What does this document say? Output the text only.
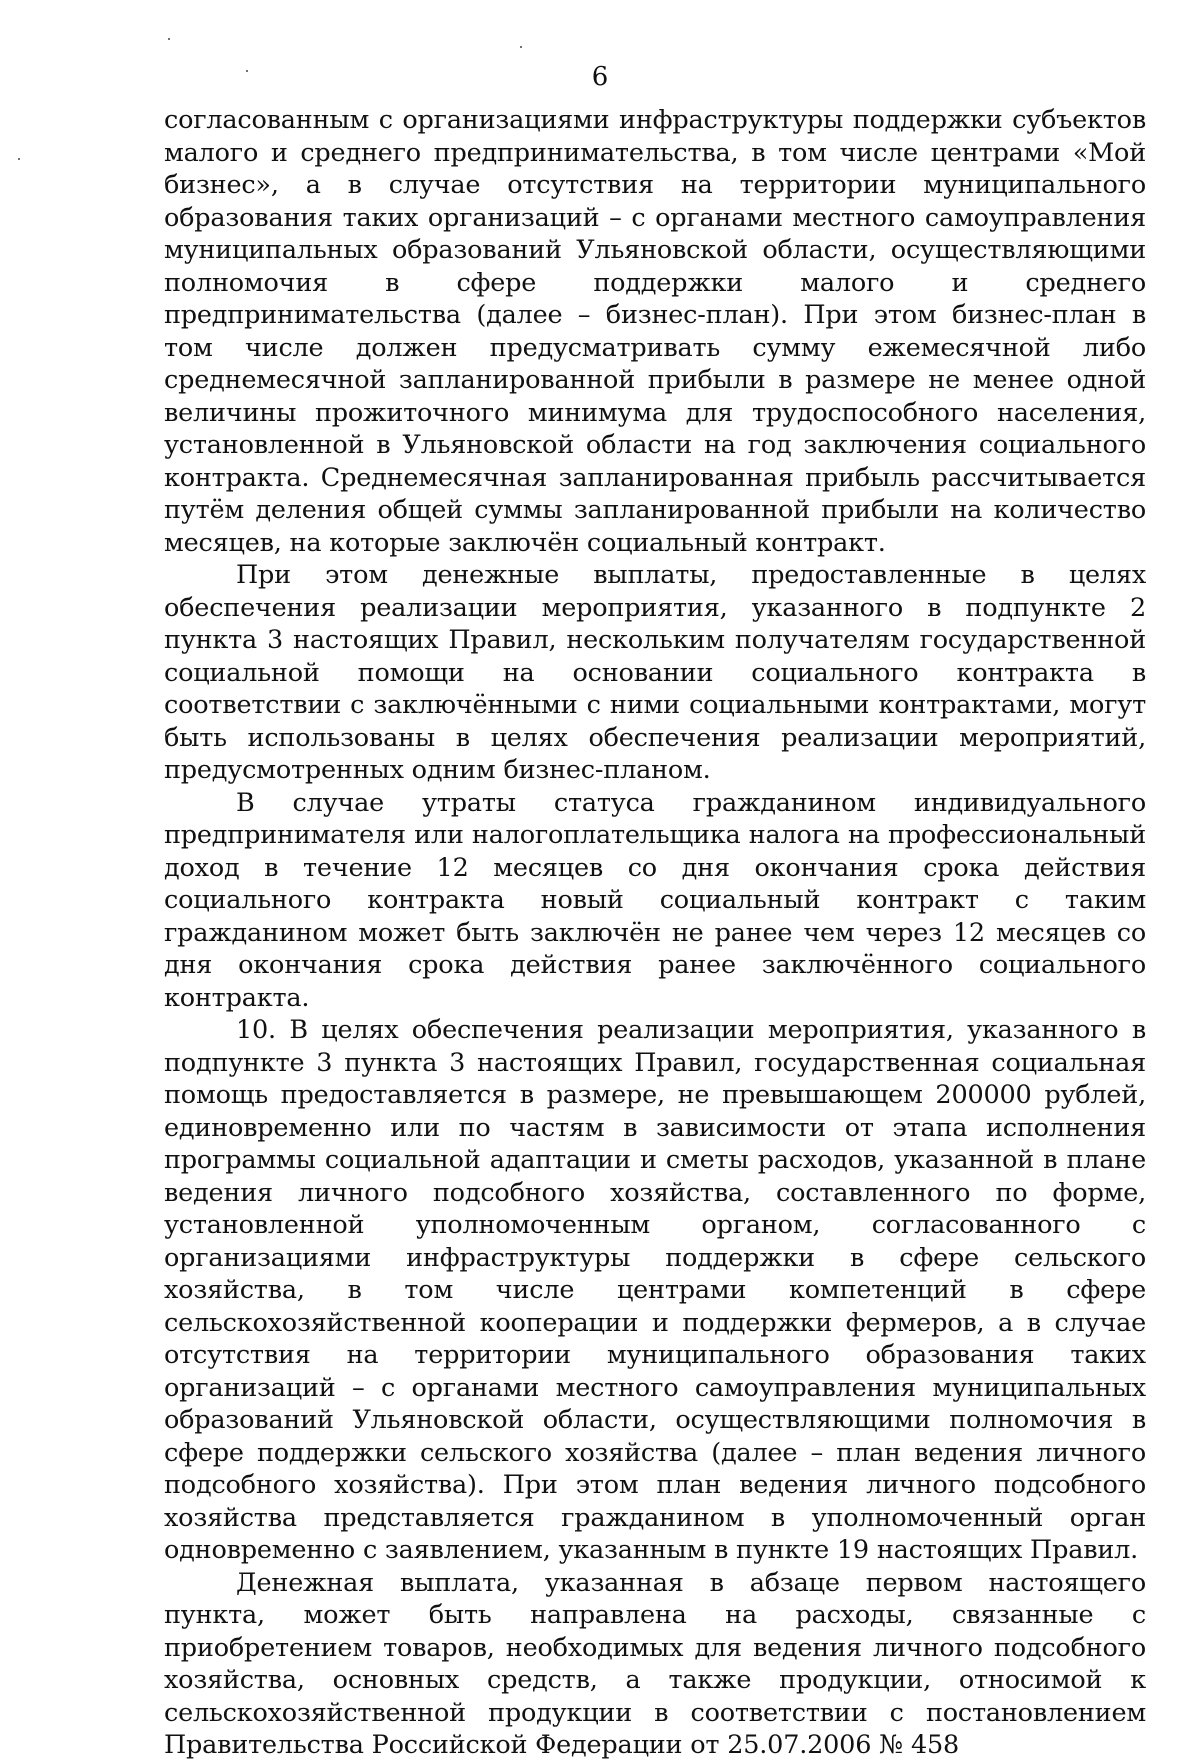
6

согласованным с организациями инфраструктуры поддержки субъектов малого и среднего предпринимательства, в том числе центрами «Мой бизнес», а в случае отсутствия на территории муниципального образования таких организаций – с органами местного самоуправления муниципальных образований Ульяновской области, осуществляющими полномочия в сфере поддержки малого и среднего предпринимательства (далее – бизнес-план). При этом бизнес-план в том числе должен предусматривать сумму ежемесячной либо среднемесячной запланированной прибыли в размере не менее одной величины прожиточного минимума для трудоспособного населения, установленной в Ульяновской области на год заключения социального контракта. Среднемесячная запланированная прибыль рассчитывается путём деления общей суммы запланированной прибыли на количество месяцев, на которые заключён социальный контракт.

При этом денежные выплаты, предоставленные в целях обеспечения реализации мероприятия, указанного в подпункте 2 пункта 3 настоящих Правил, нескольким получателям государственной социальной помощи на основании социального контракта в соответствии с заключёнными с ними социальными контрактами, могут быть использованы в целях обеспечения реализации мероприятий, предусмотренных одним бизнес-планом.

В случае утраты статуса гражданином индивидуального предпринимателя или налогоплательщика налога на профессиональный доход в течение 12 месяцев со дня окончания срока действия социального контракта новый социальный контракт с таким гражданином может быть заключён не ранее чем через 12 месяцев со дня окончания срока действия ранее заключённого социального контракта.

10. В целях обеспечения реализации мероприятия, указанного в подпункте 3 пункта 3 настоящих Правил, государственная социальная помощь предоставляется в размере, не превышающем 200000 рублей, единовременно или по частям в зависимости от этапа исполнения программы социальной адаптации и сметы расходов, указанной в плане ведения личного подсобного хозяйства, составленного по форме, установленной уполномоченным органом, согласованного с организациями инфраструктуры поддержки в сфере сельского хозяйства, в том числе центрами компетенций в сфере сельскохозяйственной кооперации и поддержки фермеров, а в случае отсутствия на территории муниципального образования таких организаций – с органами местного самоуправления муниципальных образований Ульяновской области, осуществляющими полномочия в сфере поддержки сельского хозяйства (далее – план ведения личного подсобного хозяйства). При этом план ведения личного подсобного хозяйства представляется гражданином в уполномоченный орган одновременно с заявлением, указанным в пункте 19 настоящих Правил.

Денежная выплата, указанная в абзаце первом настоящего пункта, может быть направлена на расходы, связанные с приобретением товаров, необходимых для ведения личного подсобного хозяйства, основных средств, а также продукции, относимой к сельскохозяйственной продукции в соответствии с постановлением Правительства Российской Федерации от 25.07.2006 № 458
